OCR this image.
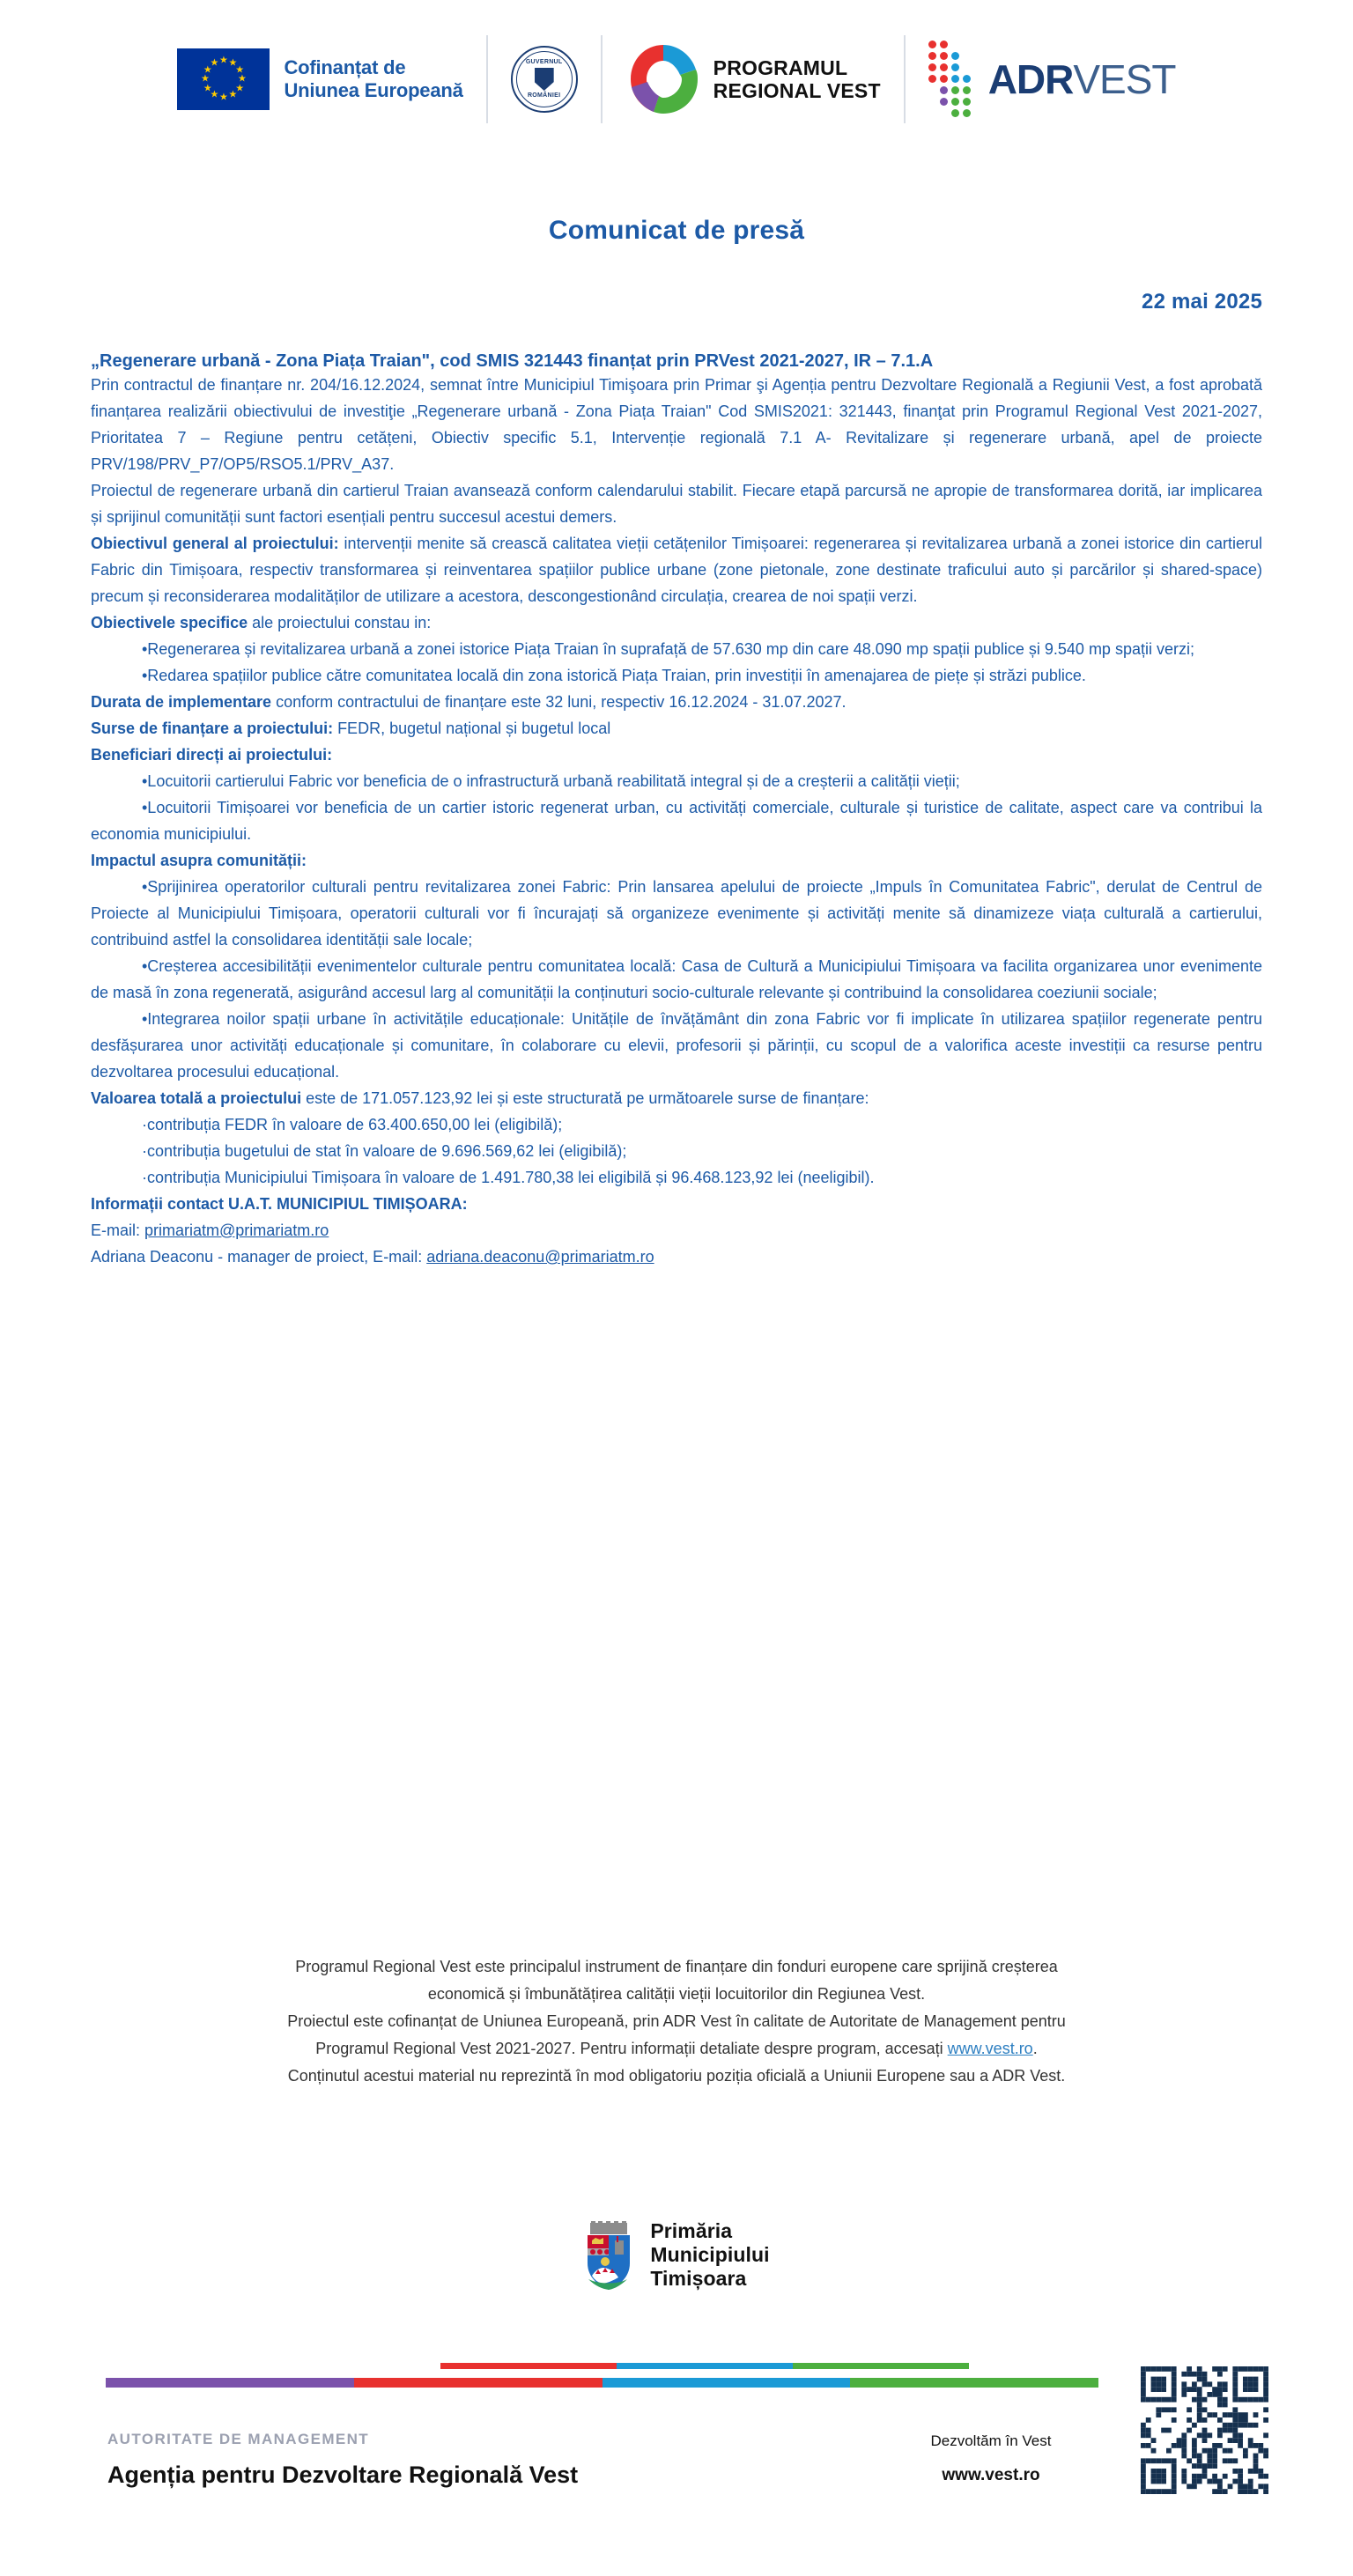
★ ★
★
★
★
★
★
★
★
★
★
★	Cofinanțat de
Uniunea Europeană
GUVERNUL
ROMÂNIEI
PROGRAMUL
REGIONAL VEST	ADRVEST
Comunicat de presă
22 mai 2025
„Regenerare urbană - Zona Piața Traian", cod SMIS 321443 finanțat prin PRVest 2021-2027, IR – 7.1.A

Prin contractul de finanțare nr. 204/16.12.2024, semnat între Municipiul Timişoara prin Primar şi Agenția pentru Dezvoltare Regională a Regiunii Vest, a fost aprobată finanțarea realizării obiectivului de investiţie „Regenerare urbană - Zona Piața Traian" Cod SMIS2021: 321443, finanţat prin Programul Regional Vest 2021-2027, Prioritatea 7 – Regiune pentru cetățeni, Obiectiv specific 5.1, Intervenție regională 7.1 A- Revitalizare și regenerare urbană, apel de proiecte PRV/198/PRV_P7/OP5/RSO5.1/PRV_A37.

Proiectul de regenerare urbană din cartierul Traian avansează conform calendarului stabilit. Fiecare etapă parcursă ne apropie de transformarea dorită, iar implicarea și sprijinul comunității sunt factori esențiali pentru succesul acestui demers.

Obiectivul general al proiectului: intervenții menite să crească calitatea vieții cetățenilor Timișoarei: regenerarea și revitalizarea urbană a zonei istorice din cartierul Fabric din Timișoara, respectiv transformarea și reinventarea spațiilor publice urbane (zone pietonale, zone destinate traficului auto și parcărilor și shared-space) precum și reconsiderarea modalităților de utilizare a acestora, descongestionând circulația, crearea de noi spații verzi.

Obiectivele specifice ale proiectului constau in:

•Regenerarea și revitalizarea urbană a zonei istorice Piața Traian în suprafață de 57.630 mp din care 48.090 mp spații publice și 9.540 mp spații verzi;

•Redarea spațiilor publice către comunitatea locală din zona istorică Piața Traian, prin investiții în amenajarea de piețe și străzi publice.

Durata de implementare conform contractului de finanțare este 32 luni, respectiv 16.12.2024 - 31.07.2027.

Surse de finanțare a proiectului: FEDR, bugetul național și bugetul local

Beneficiari direcți ai proiectului:

•Locuitorii cartierului Fabric vor beneficia de o infrastructură urbană reabilitată integral și de a creșterii a calității vieții;

•Locuitorii Timișoarei vor beneficia de un cartier istoric regenerat urban, cu activități comerciale, culturale și turistice de calitate, aspect care va contribui la economia municipiului.

Impactul asupra comunității:

•Sprijinirea operatorilor culturali pentru revitalizarea zonei Fabric: Prin lansarea apelului de proiecte „Impuls în Comunitatea Fabric", derulat de Centrul de Proiecte al Municipiului Timișoara, operatorii culturali vor fi încurajați să organizeze evenimente și activități menite să dinamizeze viața culturală a cartierului, contribuind astfel la consolidarea identității sale locale;

•Creșterea accesibilității evenimentelor culturale pentru comunitatea locală: Casa de Cultură a Municipiului Timișoara va facilita organizarea unor evenimente de masă în zona regenerată, asigurând accesul larg al comunității la conținuturi socio-culturale relevante și contribuind la consolidarea coeziunii sociale;

•Integrarea noilor spații urbane în activitățile educaționale: Unitățile de învățământ din zona Fabric vor fi implicate în utilizarea spațiilor regenerate pentru desfășurarea unor activități educaționale și comunitare, în colaborare cu elevii, profesorii și părinții, cu scopul de a valorifica aceste investiții ca resurse pentru dezvoltarea procesului educațional.

Valoarea totală a proiectului este de 171.057.123,92 lei și este structurată pe următoarele surse de finanțare:

·contribuția FEDR în valoare de 63.400.650,00 lei (eligibilă);

·contribuția bugetului de stat în valoare de 9.696.569,62 lei (eligibilă);

·contribuția Municipiului Timișoara în valoare de 1.491.780,38 lei eligibilă și 96.468.123,92 lei (neeligibil).

Informații contact U.A.T. MUNICIPIUL TIMIȘOARA:

E-mail: primariatm@primariatm.ro
Adriana Deaconu - manager de proiect, E-mail: adriana.deaconu@primariatm.ro
Programul Regional Vest este principalul instrument de finanțare din fonduri europene care sprijină creșterea
economică și îmbunătățirea calității vieții locuitorilor din Regiunea Vest.
Proiectul este cofinanțat de Uniunea Europeană, prin ADR Vest în calitate de Autoritate de Management pentru
Programul Regional Vest 2021-2027. Pentru informații detaliate despre program, accesați www.vest.ro.
Conținutul acestui material nu reprezintă în mod obligatoriu poziția oficială a Uniunii Europene sau a ADR Vest.
Primăria
Municipiului
Timișoara
AUTORITATE DE MANAGEMENT
Agenția pentru Dezvoltare Regională Vest
Dezvoltăm în Vest
www.vest.ro
